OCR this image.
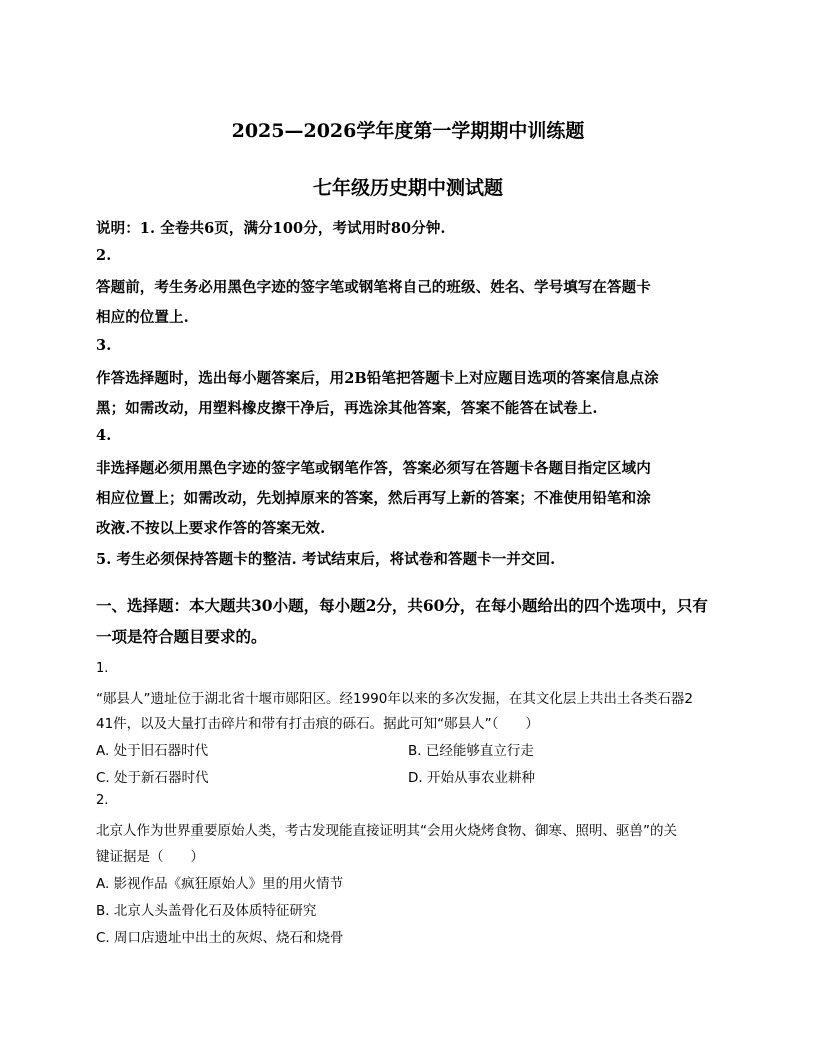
2025—2026学年度第一学期期中训练题
七年级历史期中测试题
说明：1. 全卷共6页，满分100分，考试用时80分钟.
2.
答题前，考生务必用黑色字迹的签字笔或钢笔将自己的班级、姓名、学号填写在答题卡
相应的位置上.
3.
作答选择题时，选出每小题答案后，用2B铅笔把答题卡上对应题目选项的答案信息点涂
黑；如需改动，用塑料橡皮擦干净后，再选涂其他答案，答案不能答在试卷上.
4.
非选择题必须用黑色字迹的签字笔或钢笔作答，答案必须写在答题卡各题目指定区域内
相应位置上；如需改动，先划掉原来的答案，然后再写上新的答案；不准使用铅笔和涂
改液.不按以上要求作答的答案无效.
5. 考生必须保持答题卡的整洁. 考试结束后，将试卷和答题卡一并交回.
一、选择题：本大题共30小题，每小题2分，共60分，在每小题给出的四个选项中，只有
一项是符合题目要求的。
1.
“郧县人”遗址位于湖北省十堰市郧阳区。经1990年以来的多次发掘，在其文化层上共出土各类石器2
41件，以及大量打击碎片和带有打击痕的砾石。据此可知“郧县人”（　　）
A. 处于旧石器时代	B. 已经能够直立行走
C. 处于新石器时代	D. 开始从事农业耕种
2.
北京人作为世界重要原始人类，考古发现能直接证明其“会用火烧烤食物、御寒、照明、驱兽”的关
键证据是（　　）
A. 影视作品《疯狂原始人》里的用火情节
B. 北京人头盖骨化石及体质特征研究
C. 周口店遗址中出土的灰烬、烧石和烧骨
